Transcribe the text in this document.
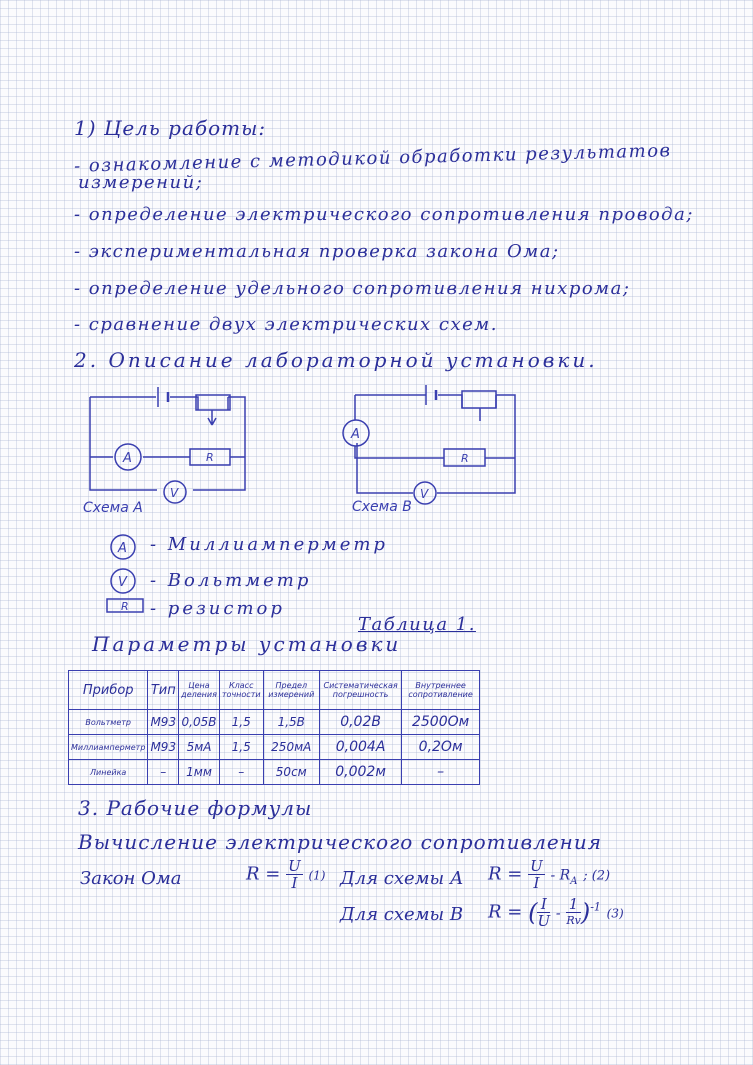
1) Цель работы:
- ознакомление с методикой обработки результатов
измерений;
- определение электрического сопротивления провода;
- экспериментальная проверка закона Ома;
- определение удельного сопротивления нихрома;
- сравнение двух электрических схем.
2. Описание лабораторной установки.
A	R
V
Схема А
A
R
V
Схема В
A
V
R
- Миллиамперметр
- Вольтметр
- резистор
Таблица 1.
Параметры установки
Прибор	Тип	Цена деления	Класс точности	Предел измерений	Систематическая погрешность	Внутреннее сопротивление
Вольтметр	M93	0,05В	1,5	1,5В	0,02В	2500Ом
Миллиамперметр	M93	5мА	1,5	250мА	0,004А	0,2Ом
Линейка	–	1мм	–	50см	0,002м	–
3. Рабочие формулы
Вычисление электрического сопротивления
Закон Ома	$R = \frac{U}{I} (1)$ Для схемы А $R = \frac{U}{I} - R_A$ ; (2)
Для схемы В R = ( $\frac{I}{U} - \frac{1}{Rv} )^{-1}$ (3)
